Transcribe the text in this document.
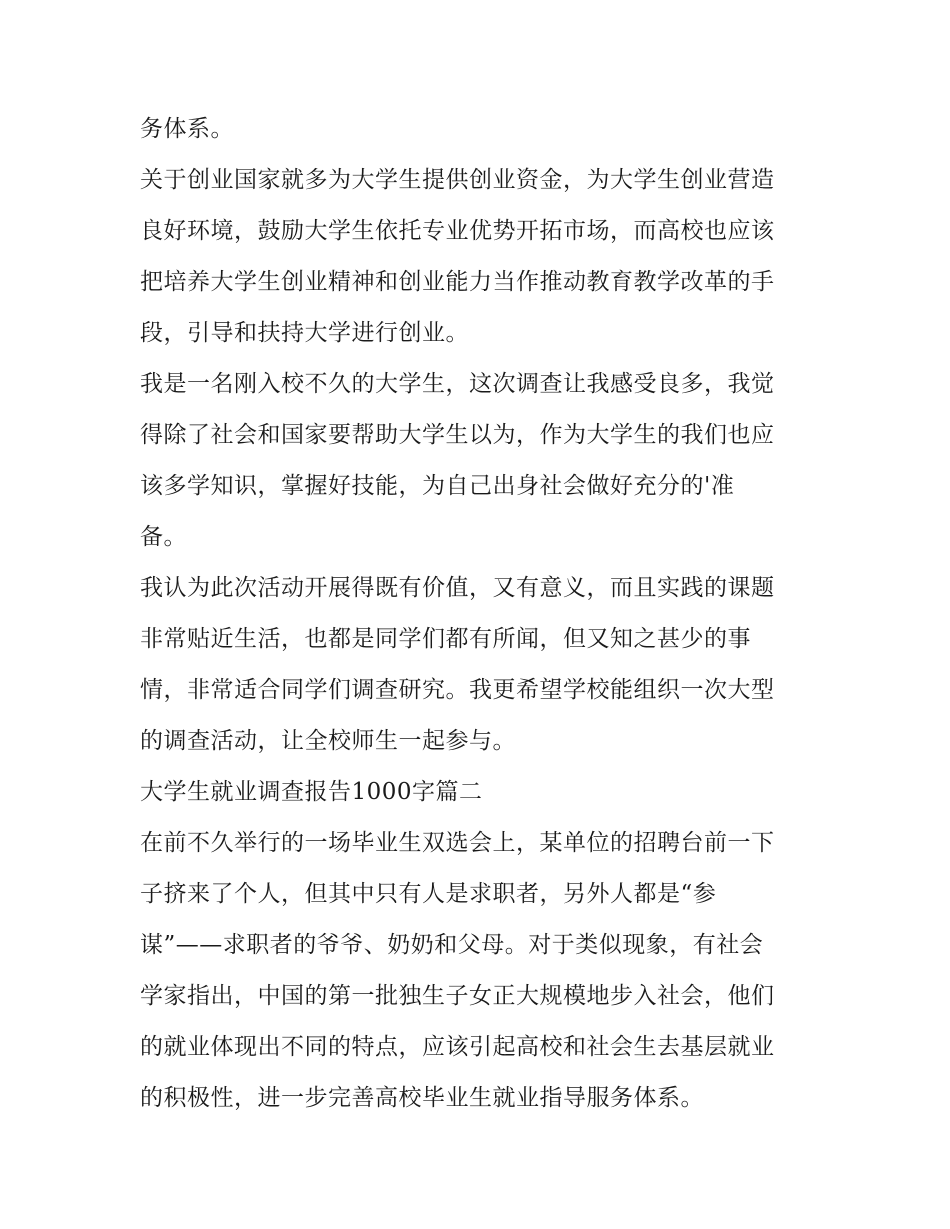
务体系。
关于创业国家就多为大学生提供创业资金，为大学生创业营造
良好环境，鼓励大学生依托专业优势开拓市场，而高校也应该
把培养大学生创业精神和创业能力当作推动教育教学改革的手
段，引导和扶持大学进行创业。
我是一名刚入校不久的大学生，这次调查让我感受良多，我觉
得除了社会和国家要帮助大学生以为，作为大学生的我们也应
该多学知识，掌握好技能，为自己出身社会做好充分的'准
备。
我认为此次活动开展得既有价值，又有意义，而且实践的课题
非常贴近生活，也都是同学们都有所闻，但又知之甚少的事
情，非常适合同学们调查研究。我更希望学校能组织一次大型
的调查活动，让全校师生一起参与。
大学生就业调查报告1000字篇二
在前不久举行的一场毕业生双选会上，某单位的招聘台前一下
子挤来了个人，但其中只有人是求职者，另外人都是“参
谋”——求职者的爷爷、奶奶和父母。对于类似现象，有社会
学家指出，中国的第一批独生子女正大规模地步入社会，他们
的就业体现出不同的特点，应该引起高校和社会生去基层就业
的积极性，进一步完善高校毕业生就业指导服务体系。
